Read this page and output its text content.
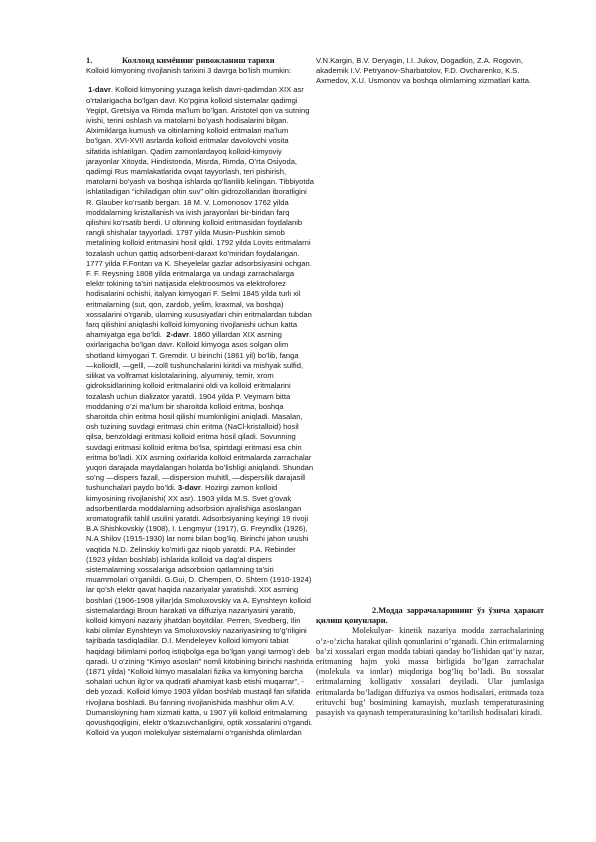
1.	Коллоид кимёнинг ривожланиш тарихи

Kolloid kimyoning rivojlanish tarixini 3 davrga bo’lish mumkin:

1-davr. Kolloid kimyoning yuzaga kelish davri-qadimdan XIX asr o’rtalarigacha bo’lgan davr. Ko’pgina kolloid sistemalar qadimgi Yegipt, Gretsiya va Rimda ma’lum bo’lgan. Aristotel qon va sutning ivishi, terini oshlash va matolarni bo’yash hodisalarini bilgan. Alximiklarga kumush va oltinlarning kolloid eritmalari ma’lum bo’lgan. XVI-XVII asrlarda kolloid eritmalar davolovchi vosita sifatida ishlatilgan. Qadim zamonlardayoq kolloid-kimyoviy jarayonlar Xitoyda, Hindistonda, Misrda, Rimda, O’rta Osiyoda, qadimgi Rus mamlakatlarida ovqat tayyorlash, teri pishirish, matolarni bo’yash va boshqa ishlarda qo’llanilib kelingan. Tibbiyotda ishlatiladigan “ichiladigan oltin suv” oltin gidrozollaridan iboratligini R. Glauber ko’rsatib bergan. 18 M. V. Lomonosov 1762 yilda moddalarning kristallanish va ivish jarayonlari bir-biridan farq qilishini ko’rsatib berdi. U oltinning kolloid eritmasidan foydalanib rangli shishalar tayyorladi. 1797 yilda Musin-Pushkin simob metalining kolloid eritmasini hosil qildi. 1792 yilda Lovits eritmalarni tozalash uchun qattiq adsorbent-daraxt ko’miridan foydalangan. 1777 yilda F.Fontan va K. Sheyelelar gazlar adsorbsiyasini ochgan. F. F. Reysning 1808 yilda eritmalarga va undagi zarrachalarga elektr tokining ta’siri natijasida elektroosmos va elektroforez hodisalarini ochishi, italyan kimyogari F. Selmi 1845 yilda turli xil eritmalarning (sut, qon, zardob, yelim, kraxmal, va boshqa) xossalarini o’rganib, ularning xususiyatlari chin eritmalardan tubdan farq qilishini aniqlashi kolloid kimyoning rivojlanishi uchun katta ahamiyatga ega bo’ldi. 2-davr. 1860 yillardan XIX asrning oxirlarigacha bo’lgan davr. Kolloid kimyoga asos solgan olim shotland kimyogari T. Gremdir. U birinchi (1861 yil) bo’lib, fanga ―kolloid‖, ―gel‖, ―zol‖ tushunchalarini kiritdi va mishyak sulfid, silikat va volframat kislotalarining, alyuminiy, temir, xrom gidroksidlarining kolloid eritmalarini oldi va kolloid eritmalarini tozalash uchun dializator yaratdi. 1904 yilda P. Veymarn bitta moddaning o’zi ma’lum bir sharoitda kolloid eritma, boshqa sharoitda chin eritma hosil qilishi mumkinligini aniqladi. Masalan, osh tuzining suvdagi eritmasi chin eritma (NaCl-kristalloid) hosil qilsa, benzoldagi eritmasi kolloid eritma hosil qiladi. Sovunning suvdagi eritmasi kolloid eritma bo’lsa, spirtdagi eritmasi esa chin eritma bo’ladi. XIX asrning oxirlarida kolloid eritmalarda zarrachalar yuqori darajada maydalangan holatda bo’lishligi aniqlandi. Shundan so’ng ―dispers faza‖, ―dispersion muhit‖, ―dispersilik darajasi‖ tushunchalari paydo bo’ldi. 3-davr. Hozirgi zamon kolloid kimyosining rivojlanishi( XX asr). 1903 yilda M.S. Svet g’ovak adsorbentlarda moddalarning adsorbsion ajralishiga asoslangan xromatografik tahlil usulini yaratdi. Adsorbsiyaning keyingi 19 rivoji B.A Shishkovskiy (1908), I. Lengmyur (1917), G. Freyndlix (1926), N.A Shilov (1915-1930) lar nomi bilan bog’liq. Birinchi jahon urushi vaqtida N.D. Zelinskiy ko’mirli gaz niqob yaratdi. P.A. Rebinder (1923 yildan boshlab) ishlarida kolloid va dag’al dispers sistemalarning xossalariga adsorbsion qatlamning ta’siri muammolari o’rganildi. G.Gui, D. Chempen, O. Shtern (1910-1924) lar qo’sh elektr qavat haqida nazariyalar yaratishdi. XIX asrning boshlari (1906-1908 yillar)da Smoluxovskiy va A. Eynshteyn kolloid sistemalardagi Broun harakati va diffuziya nazariyasini yaratib, kolloid kimyoni nazariy jihatdan boyitdilar. Perren, Svedberg, Ilin kabi olimlar Eynshteyn va Smoluxovskiy nazariyasining to’g’riligini tajribada tasdiqladilar. D.I. Mendeleyev kolloid kimyoni tabiat haqidagi bilimlarni porloq istiqbolga ega bo’lgan yangi tarmog’i deb qaradi. U o’zining “Kimyo asoslari” nomli kitobining birinchi nashrida (1871 yilda) “Kolloid kimyo masalalari fizika va kimyoning barcha sohalari uchun ilg’or va qudratli ahamiyat kasb etishi muqarrar”, -deb yozadi. Kolloid kimyo 1903 yildan boshlab mustaqil fan sifatida rivojlana boshladi. Bu fanning rivojlanishida mashhur olim A.V. Dumanskiyning ham xizmati katta, u 1907 yili kolloid eritmalarning qovushqoqligini, elektr o’tkazuvchanligini, optik xossalarini o’rgandi. Kolloid va yuqori molekulyar sistemalarni o’rganishda olimlardan

V.N.Kargin, B.V. Deryagin, I.I. Jukov, Dogadkin, Z.A. Rogovin, akademik I.V. Petryanov-Sharbatolov, F.D. Ovcharenko, K.S. Axmedov, X.U. Usmonov va boshqa olimlarning xizmatlari katta.

2.Модда заррачаларининг ўз ўзича ҳаракат қилиш қонунлари.

Molekulyar- kinetik nazariya modda zarrachalarining o’z-o’zicha harakat qilish qonunlarini o’rganadi. Chin eritmalarning ba’zi xossalari ergan modda tabiati qanday bo’lishidan qat’iy nazar, eritmaning hajm yoki massa birligida bo’lgan zarrachalar (molekula va ionlar) miqdoriga bog’liq bo’ladi. Bu xossalar eritmalarning kolligativ xossalari deyiladi. Ular jumlasiga eritmalarda bo’ladigan diffuziya va osmos hodisalari, eritmada toza erituvchi bug’ bosimining kamayish, muzlash temperaturasining pasayish va qaynash temperaturasining ko’tarilish hodisalari kiradi.
